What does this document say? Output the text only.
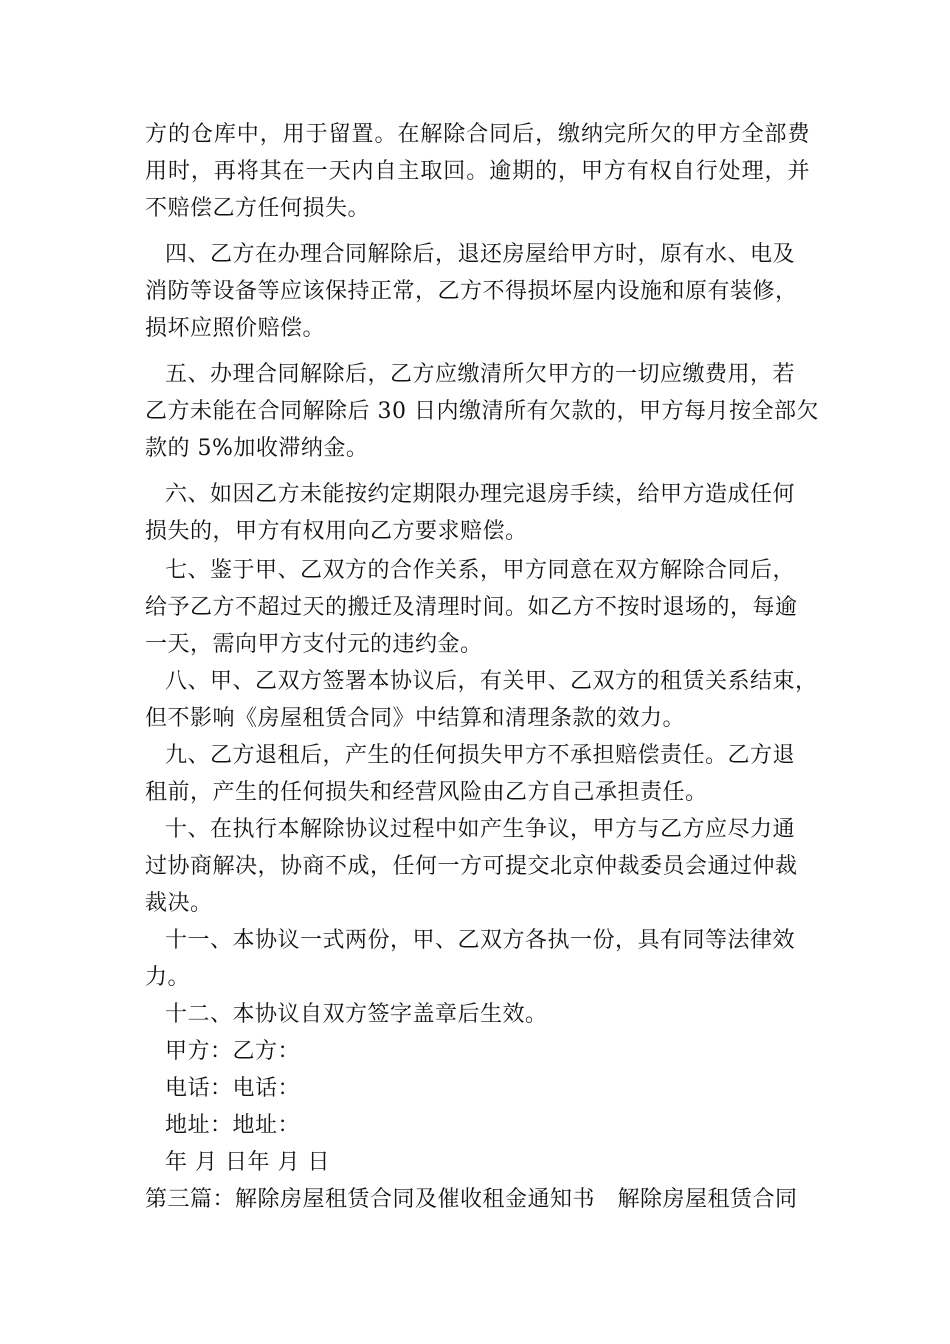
方的仓库中，用于留置。在解除合同后，缴纳完所欠的甲方全部费
用时，再将其在一天内自主取回。逾期的，甲方有权自行处理，并
不赔偿乙方任何损失。
四、乙方在办理合同解除后，退还房屋给甲方时，原有水、电及
消防等设备等应该保持正常，乙方不得损坏屋内设施和原有装修，
损坏应照价赔偿。
五、办理合同解除后，乙方应缴清所欠甲方的一切应缴费用，若
乙方未能在合同解除后 30 日内缴清所有欠款的，甲方每月按全部欠
款的 5%加收滞纳金。
六、如因乙方未能按约定期限办理完退房手续，给甲方造成任何
损失的，甲方有权用向乙方要求赔偿。
七、鉴于甲、乙双方的合作关系，甲方同意在双方解除合同后，
给予乙方不超过天的搬迁及清理时间。如乙方不按时退场的，每逾
一天，需向甲方支付元的违约金。
八、甲、乙双方签署本协议后，有关甲、乙双方的租赁关系结束，
但不影响《房屋租赁合同》中结算和清理条款的效力。
九、乙方退租后，产生的任何损失甲方不承担赔偿责任。乙方退
租前，产生的任何损失和经营风险由乙方自己承担责任。
十、在执行本解除协议过程中如产生争议，甲方与乙方应尽力通
过协商解决，协商不成，任何一方可提交北京仲裁委员会通过仲裁
裁决。
十一、本协议一式两份，甲、乙双方各执一份，具有同等法律效
力。
十二、本协议自双方签字盖章后生效。
甲方：乙方：
电话：电话：
地址：地址：
年 月 日年 月 日
第三篇：解除房屋租赁合同及催收租金通知书　解除房屋租赁合同
